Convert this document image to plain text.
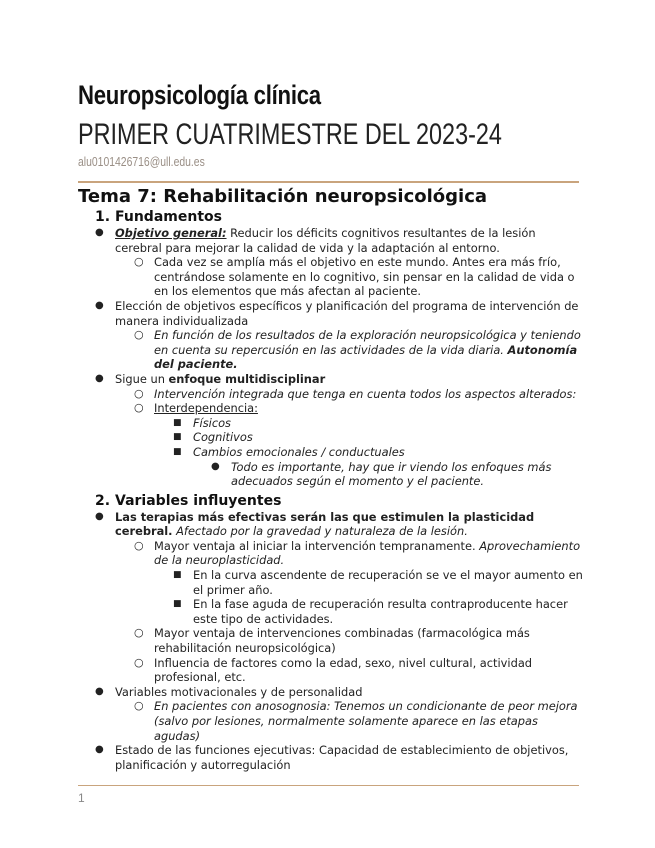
Neuropsicología clínica
PRIMER CUATRIMESTRE DEL 2023-24
alu0101426716@ull.edu.es
Tema 7: Rehabilitación neuropsicológica
1. Fundamentos
● Objetivo general: Reducir los déficits cognitivos resultantes de la lesión cerebral para mejorar la calidad de vida y la adaptación al entorno.
○ Cada vez se amplía más el objetivo en este mundo. Antes era más frío, centrándose solamente en lo cognitivo, sin pensar en la calidad de vida o en los elementos que más afectan al paciente.
● Elección de objetivos específicos y planificación del programa de intervención de manera individualizada
○ En función de los resultados de la exploración neuropsicológica y teniendo en cuenta su repercusión en las actividades de la vida diaria. Autonomía del paciente.
● Sigue un enfoque multidisciplinar
○ Intervención integrada que tenga en cuenta todos los aspectos alterados:
○ Interdependencia:
■ Físicos
■ Cognitivos
■ Cambios emocionales / conductuales
● Todo es importante, hay que ir viendo los enfoques más adecuados según el momento y el paciente.
2. Variables influyentes
● Las terapias más efectivas serán las que estimulen la plasticidad cerebral. Afectado por la gravedad y naturaleza de la lesión.
○ Mayor ventaja al iniciar la intervención tempranamente. Aprovechamiento de la neuroplasticidad.
■ En la curva ascendente de recuperación se ve el mayor aumento en el primer año.
■ En la fase aguda de recuperación resulta contraproducente hacer este tipo de actividades.
○ Mayor ventaja de intervenciones combinadas (farmacológica más rehabilitación neuropsicológica)
○ Influencia de factores como la edad, sexo, nivel cultural, actividad profesional, etc.
● Variables motivacionales y de personalidad
○ En pacientes con anosognosia: Tenemos un condicionante de peor mejora (salvo por lesiones, normalmente solamente aparece en las etapas agudas)
● Estado de las funciones ejecutivas: Capacidad de establecimiento de objetivos, planificación y autorregulación
1
